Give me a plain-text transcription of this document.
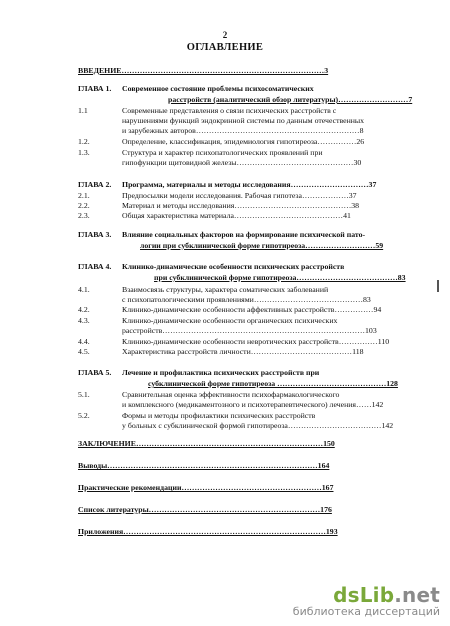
2
ОГЛАВЛЕНИЕ
ВВЕДЕНИЕ……………………………………………………………………3
ГЛАВА 1. Современное состояние проблемы психосоматических
расстройств (аналитический обзор литературы)………………………7
1.1	Современные представления о связи психических расстройств с
нарушениями функций эндокринной системы по данным отечественных
и зарубежных авторов………………………………………………………8
1.2.	Определение, классификация, эпидемиология гипотиреоза……………26
1.3.	Структура и характер психопатологических проявлений при
гипофункции щитовидной железы………………………………………30
ГЛАВА 2. Программа, материалы и методы исследования…………………………37
2.1.	Предпосылки модели исследования. Рабочая гипотеза………………37
2.2.	Материал и методы исследования………………………………………38
2.3.	Общая характеристика материала……………………………………41
ГЛАВА 3. Влияние социальных факторов на формирование психической пато-
логии при субклинической форме гипотиреоза………………………59
ГЛАВА 4. Клинико-динамические особенности психических расстройств
при субклинической форме гипотиреоза…………………………………83
4.1.	Взаимосвязь структуры, характера соматических заболеваний
с психопатологическими проявлениями……………………………………83
4.2.	Клинико-динамические особенности аффективных расстройств……………94
4.3.	Клинико-динамические особенности органических психических
расстройств……………………………………………………………………103
4.4.	Клинико-динамические особенности невротических расстройств……………110
4.5.	Характеристика расстройств личности…………………………………118
ГЛАВА 5. Лечение и профилактика психических расстройств при
субклинической форме гипотиреоза ……………………………………128
5.1.	Сравнительная оценка эффективности психофармакологического
и комплексного (медикаментозного и психотерапевтического) лечения……142
5.2.	Формы и методы профилактики психических расстройств
у больных с субклинической формой гипотиреоза………………………………142
ЗАКЛЮЧЕНИЕ………………………………………………………………150
Выводы………………………………………………………………………164
Практические рекомендации………………………………………………167
Список литературы…………………………………………………………176
Приложения……………………………………………………………………193
dsLib.net
библиотека диссертаций
